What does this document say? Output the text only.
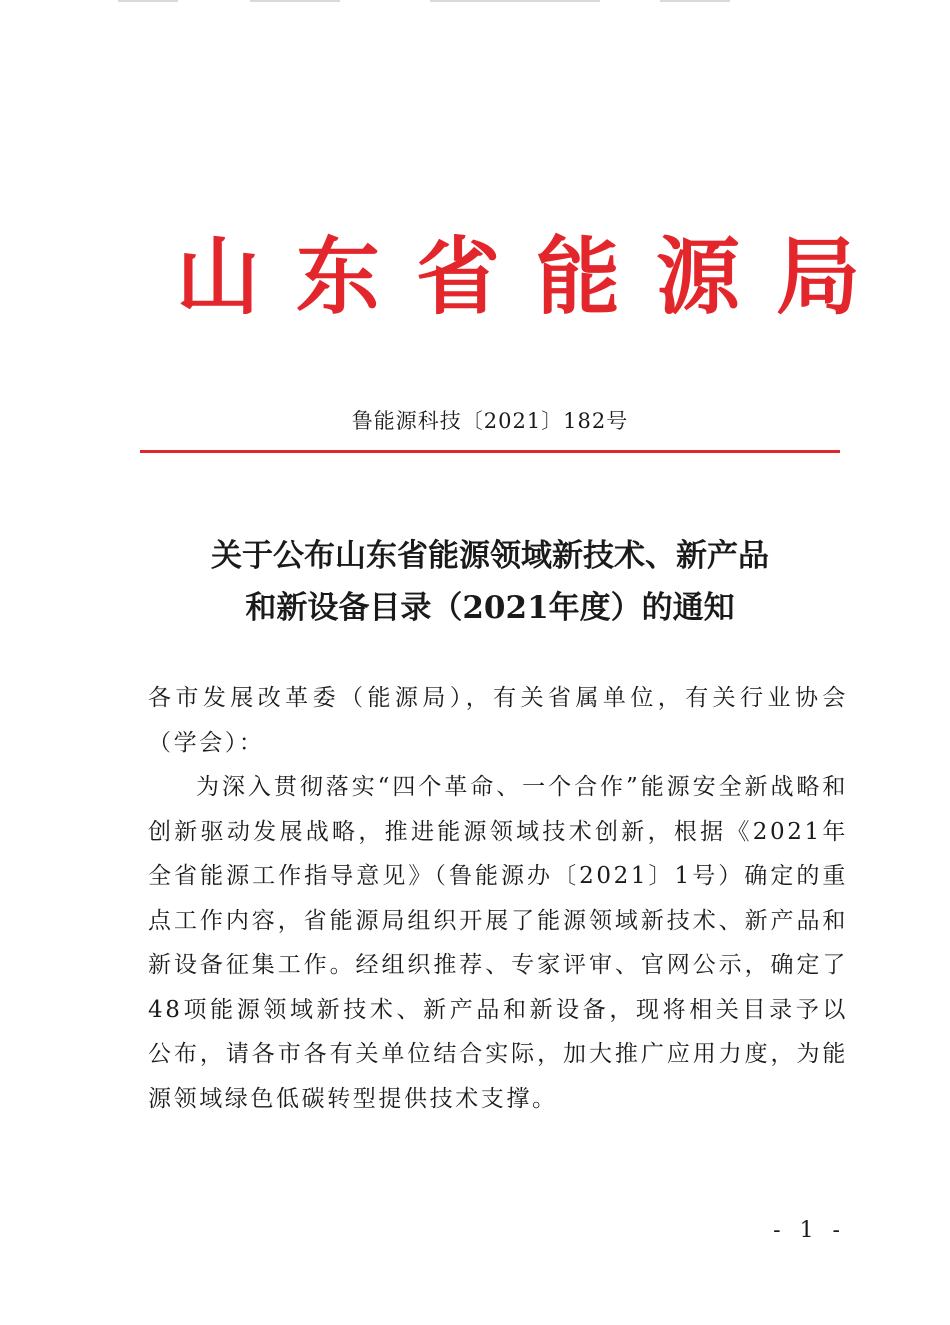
山东省能源局
鲁能源科技〔2021〕182号
关于公布山东省能源领域新技术、新产品
和新设备目录（2021年度）的通知

各市发展改革委（能源局），有关省属单位，有关行业协会（学会）：

为深入贯彻落实“四个革命、一个合作”能源安全新战略和创新驱动发展战略，推进能源领域技术创新，根据《2021年全省能源工作指导意见》（鲁能源办〔2021〕1号）确定的重点工作内容，省能源局组织开展了能源领域新技术、新产品和新设备征集工作。经组织推荐、专家评审、官网公示，确定了48项能源领域新技术、新产品和新设备，现将相关目录予以公布，请各市各有关单位结合实际，加大推广应用力度，为能源领域绿色低碳转型提供技术支撑。

- 1 -
